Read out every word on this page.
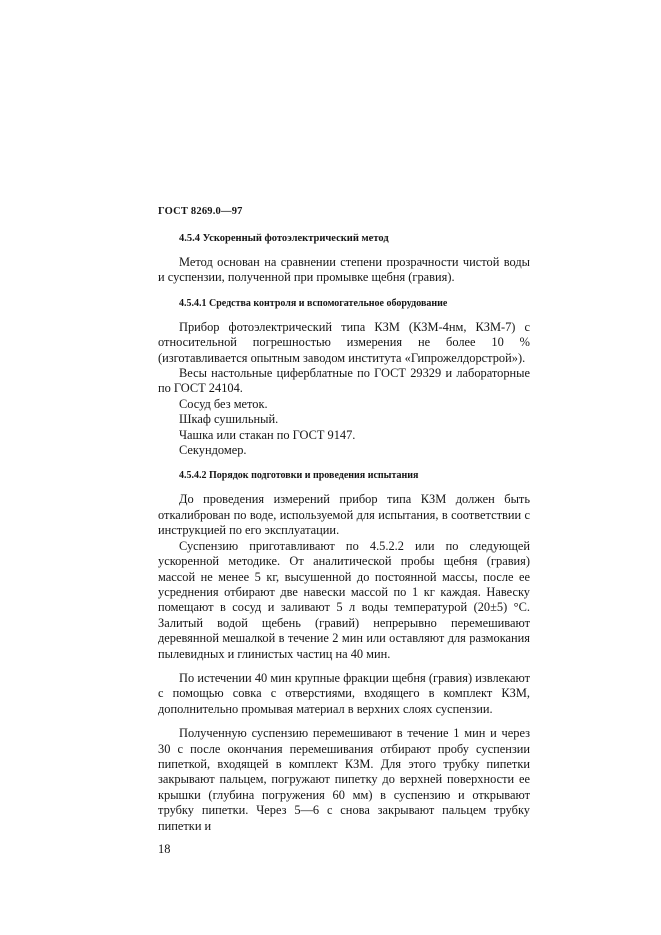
ГОСТ 8269.0—97
4.5.4 Ускоренный фотоэлектрический метод

Метод основан на сравнении степени прозрачности чистой воды и суспензии, полученной при промывке щебня (гравия).

4.5.4.1 Средства контроля и вспомогательное оборудование

Прибор фотоэлектрический типа КЗМ (КЗМ-4нм, КЗМ-7) с относительной погрешностью измерения не более 10 % (изготавливается опытным заводом института «Гипрожелдорстрой»).

Весы настольные циферблатные по ГОСТ 29329 и лабораторные по ГОСТ 24104.

Сосуд без меток.
Шкаф сушильный.
Чашка или стакан по ГОСТ 9147.
Секундомер.
4.5.4.2 Порядок подготовки и проведения испытания

До проведения измерений прибор типа КЗМ должен быть откалиброван по воде, используемой для испытания, в соответствии с инструкцией по его эксплуатации.

Суспензию приготавливают по 4.5.2.2 или по следующей ускоренной методике. От аналитической пробы щебня (гравия) массой не менее 5 кг, высушенной до постоянной массы, после ее усреднения отбирают две навески массой по 1 кг каждая. Навеску помещают в сосуд и заливают 5 л воды температурой (20±5) °С. Залитый водой щебень (гравий) непрерывно перемешивают деревянной мешалкой в течение 2 мин или оставляют для размокания пылевидных и глинистых частиц на 40 мин.

По истечении 40 мин крупные фракции щебня (гравия) извлекают с помощью совка с отверстиями, входящего в комплект КЗМ, дополнительно промывая материал в верхних слоях суспензии.

Полученную суспензию перемешивают в течение 1 мин и через 30 с после окончания перемешивания отбирают пробу суспензии пипеткой, входящей в комплект КЗМ. Для этого трубку пипетки закрывают пальцем, погружают пипетку до верхней поверхности ее крышки (глубина погружения 60 мм) в суспензию и открывают трубку пипетки. Через 5—6 с снова закрывают пальцем трубку пипетки и

18
